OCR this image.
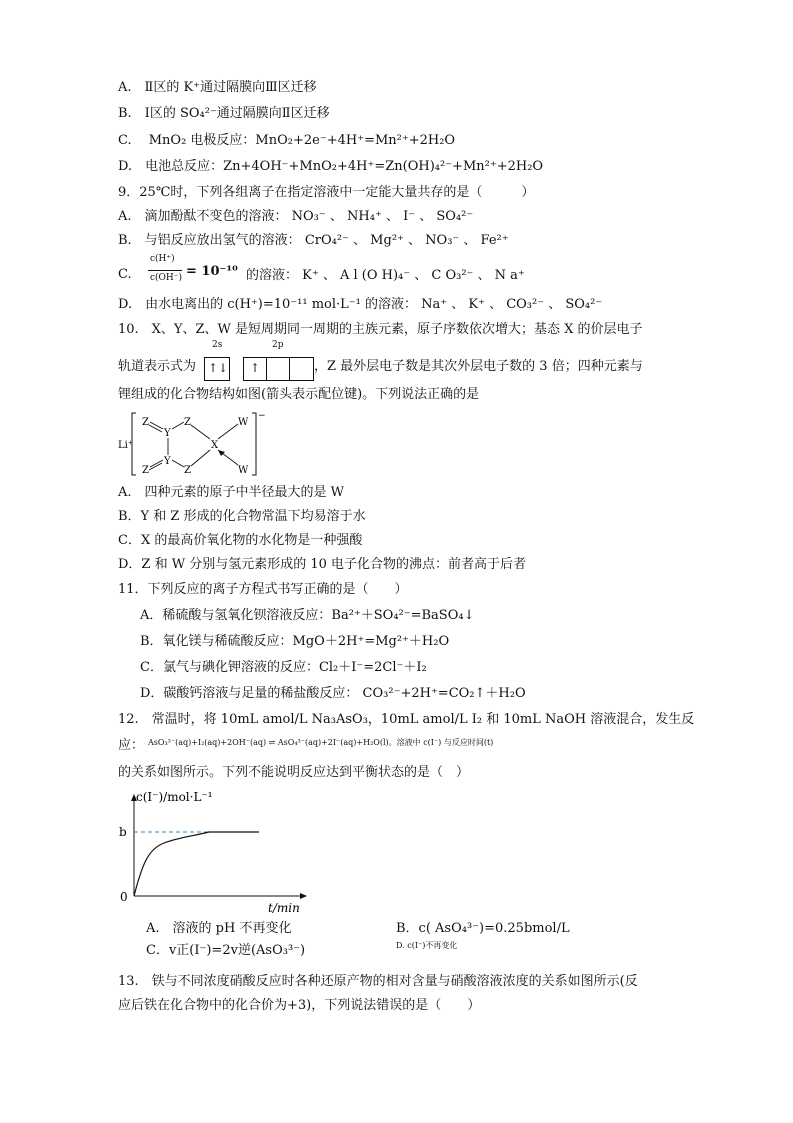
A.　Ⅱ区的 K⁺通过隔膜向Ⅲ区迁移
B.　Ⅰ区的 SO₄²⁻通过隔膜向Ⅱ区迁移
C.　 MnO₂ 电极反应：MnO₂+2e⁻+4H⁺=Mn²⁺+2H₂O
D.　电池总反应：Zn+4OH⁻+MnO₂+4H⁺=Zn(OH)₄²⁻+Mn²⁺+2H₂O
9．25℃时，下列各组离子在指定溶液中一定能大量共存的是（　　　）
A.　滴加酚酞不变色的溶液： NO₃⁻ 、 NH₄⁺ 、 I⁻ 、 SO₄²⁻
B.　与铝反应放出氢气的溶液： CrO₄²⁻ 、 Mg²⁺ 、 NO₃⁻ 、 Fe²⁺
C.
c(H⁺)
c(OH⁻) = 10⁻¹⁰ 的溶液： K⁺ 、 A l (O H)₄⁻ 、 C O₃²⁻ 、 N a⁺
D.　由水电离出的 c(H⁺)=10⁻¹¹ mol·L⁻¹ 的溶液： Na⁺ 、 K⁺ 、 CO₃²⁻ 、 SO₄²⁻
10.　X、Y、Z、W 是短周期同一周期的主族元素，原子序数依次增大；基态 X 的价层电子
2s	2p
轨道表示式为 ↑↓ ↑	，Z 最外层电子数是其次外层电子数的 3 倍；四种元素与
锂组成的化合物结构如图(箭头表示配位键)。下列说法正确的是
Li⁺
−
Z
Y
Z
X
W
Y
Z	Z	W
A.　四种元素的原子中半径最大的是 W
B．Y 和 Z 形成的化合物常温下均易溶于水
C．X 的最高价氧化物的水化物是一种强酸
D．Z 和 W 分别与氢元素形成的 10 电子化合物的沸点：前者高于后者
11．下列反应的离子方程式书写正确的是（　　）
A．稀硫酸与氢氧化钡溶液反应：Ba²⁺＋SO₄²⁻=BaSO₄↓
B．氧化镁与稀硫酸反应：MgO＋2H⁺=Mg²⁺＋H₂O
C．氯气与碘化钾溶液的反应：Cl₂＋I⁻=2Cl⁻＋I₂
D．碳酸钙溶液与足量的稀盐酸反应： CO₃²⁻+2H⁺=CO₂↑＋H₂O
12.　常温时，将 10mL amol/L Na₃AsO₃，10mL amol/L I₂ 和 10mL NaOH 溶液混合，发生反
应： AsO₃³⁻(aq)+I₂(aq)+2OH⁻(aq) ⇌ AsO₄³⁻(aq)+2I⁻(aq)+H₂O(l)。溶液中 c(I⁻) 与反应时间(t)
的关系如图所示。下列不能说明反应达到平衡状态的是（　）
c(I⁻)/mol·L⁻¹
b
0
t/min
A.　溶液的 pH 不再变化	B．c( AsO₄³⁻)=0.25bmol/L
C．v正(I⁻)=2v逆(AsO₃³⁻)	D. c(I⁻)不再变化
13.　铁与不同浓度硝酸反应时各种还原产物的相对含量与硝酸溶液浓度的关系如图所示(反
应后铁在化合物中的化合价为+3)，下列说法错误的是（　　）
